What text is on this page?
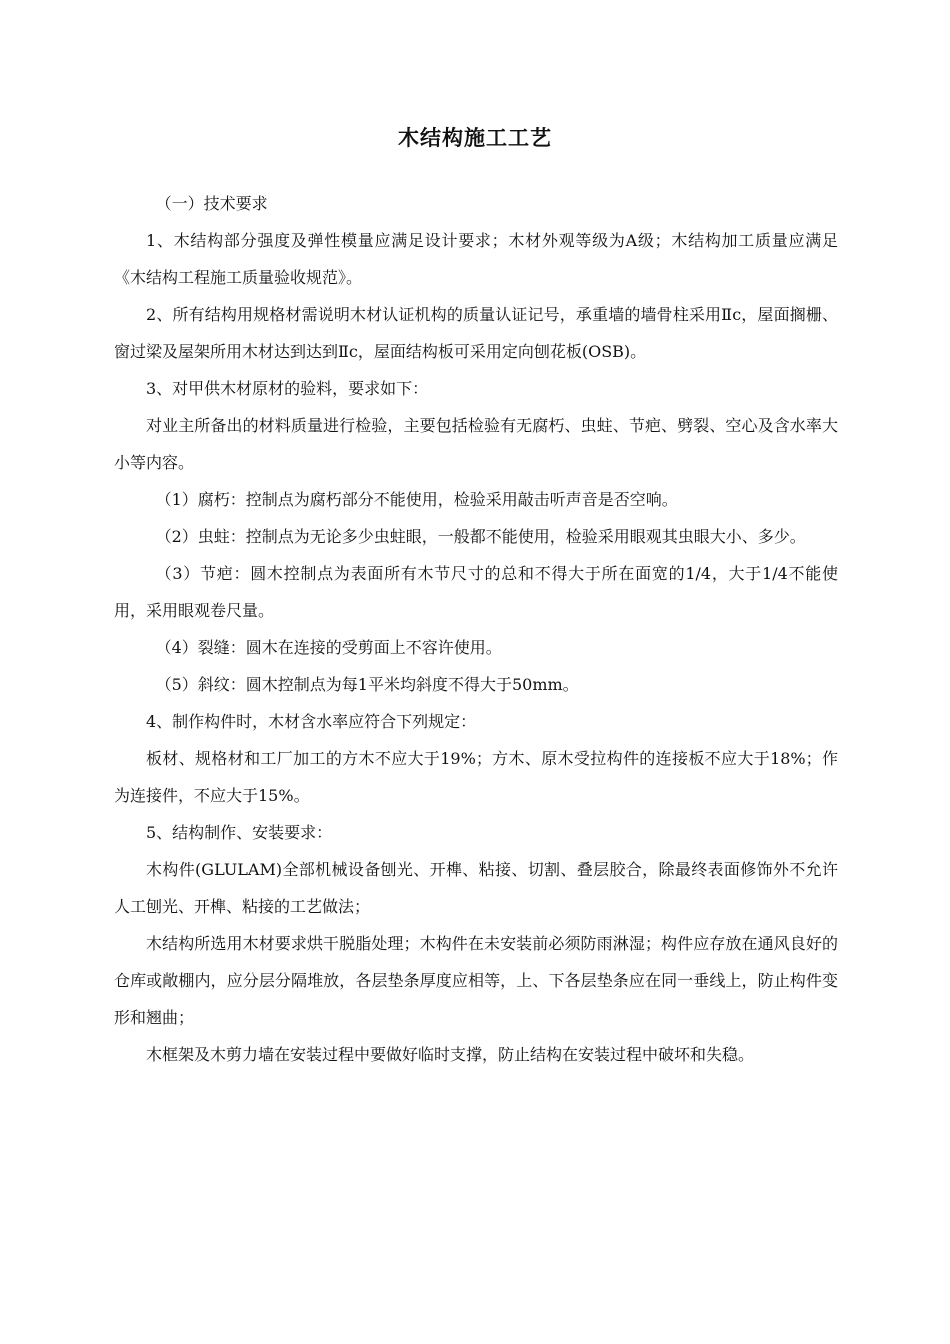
木结构施工工艺

（一）技术要求

1、木结构部分强度及弹性模量应满足设计要求；木材外观等级为A级；木结构加工质量应满足《木结构工程施工质量验收规范》。

2、所有结构用规格材需说明木材认证机构的质量认证记号，承重墙的墙骨柱采用Ⅱc，屋面搁栅、窗过梁及屋架所用木材达到达到Ⅱc，屋面结构板可采用定向刨花板(OSB)。

3、对甲供木材原材的验料，要求如下：

对业主所备出的材料质量进行检验，主要包括检验有无腐朽、虫蛀、节疤、劈裂、空心及含水率大小等内容。

（1）腐朽：控制点为腐朽部分不能使用，检验采用敲击听声音是否空响。

（2）虫蛀：控制点为无论多少虫蛀眼，一般都不能使用，检验采用眼观其虫眼大小、多少。

（3）节疤：圆木控制点为表面所有木节尺寸的总和不得大于所在面宽的1/4，大于1/4不能使用，采用眼观卷尺量。

（4）裂缝：圆木在连接的受剪面上不容许使用。

（5）斜纹：圆木控制点为每1平米均斜度不得大于50mm。

4、制作构件时，木材含水率应符合下列规定：

板材、规格材和工厂加工的方木不应大于19%；方木、原木受拉构件的连接板不应大于18%；作为连接件，不应大于15%。

5、结构制作、安装要求：

木构件(GLULAM)全部机械设备刨光、开榫、粘接、切割、叠层胶合，除最终表面修饰外不允许人工刨光、开榫、粘接的工艺做法；

木结构所选用木材要求烘干脱脂处理；木构件在未安装前必须防雨淋湿；构件应存放在通风良好的仓库或敞棚内，应分层分隔堆放，各层垫条厚度应相等，上、下各层垫条应在同一垂线上，防止构件变形和翘曲；

木框架及木剪力墙在安装过程中要做好临时支撑，防止结构在安装过程中破坏和失稳。
